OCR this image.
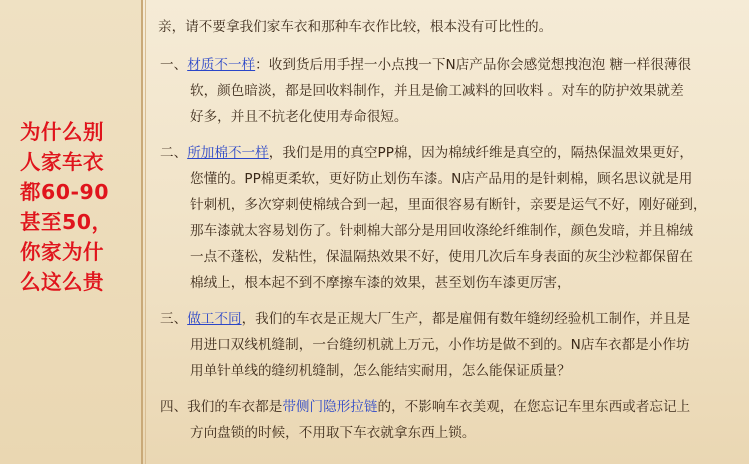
为什么别
人家车衣
都60-90
甚至50，
你家为什
么这么贵
亲，请不要拿我们家车衣和那种车衣作比较，根本没有可比性的。
一、材质不一样：收到货后用手捏一小点拽一下N店产品你会感觉想拽泡泡 糖一样很薄很
软，颜色暗淡，都是回收料制作，并且是偷工减料的回收料 。对车的防护效果就差
好多，并且不抗老化使用寿命很短。
二、所加棉不一样，我们是用的真空PP棉，因为棉绒纤维是真空的，隔热保温效果更好，
您懂的。PP棉更柔软，更好防止划伤车漆。N店产品用的是针刺棉，顾名思议就是用
针刺机，多次穿刺使棉绒合到一起，里面很容易有断针，亲要是运气不好，刚好碰到，
那车漆就太容易划伤了。针刺棉大部分是用回收涤纶纤维制作，颜色发暗，并且棉绒
一点不蓬松，发粘性，保温隔热效果不好，使用几次后车身表面的灰尘沙粒都保留在
棉绒上，根本起不到不摩擦车漆的效果，甚至划伤车漆更厉害，
三、做工不同，我们的车衣是正规大厂生产，都是雇佣有数年缝纫经验机工制作，并且是
用进口双线机缝制，一台缝纫机就上万元，小作坊是做不到的。N店车衣都是小作坊
用单针单线的缝纫机缝制，怎么能结实耐用，怎么能保证质量？
四、我们的车衣都是带侧门隐形拉链的，不影响车衣美观，在您忘记车里东西或者忘记上
方向盘锁的时候，不用取下车衣就拿东西上锁。
